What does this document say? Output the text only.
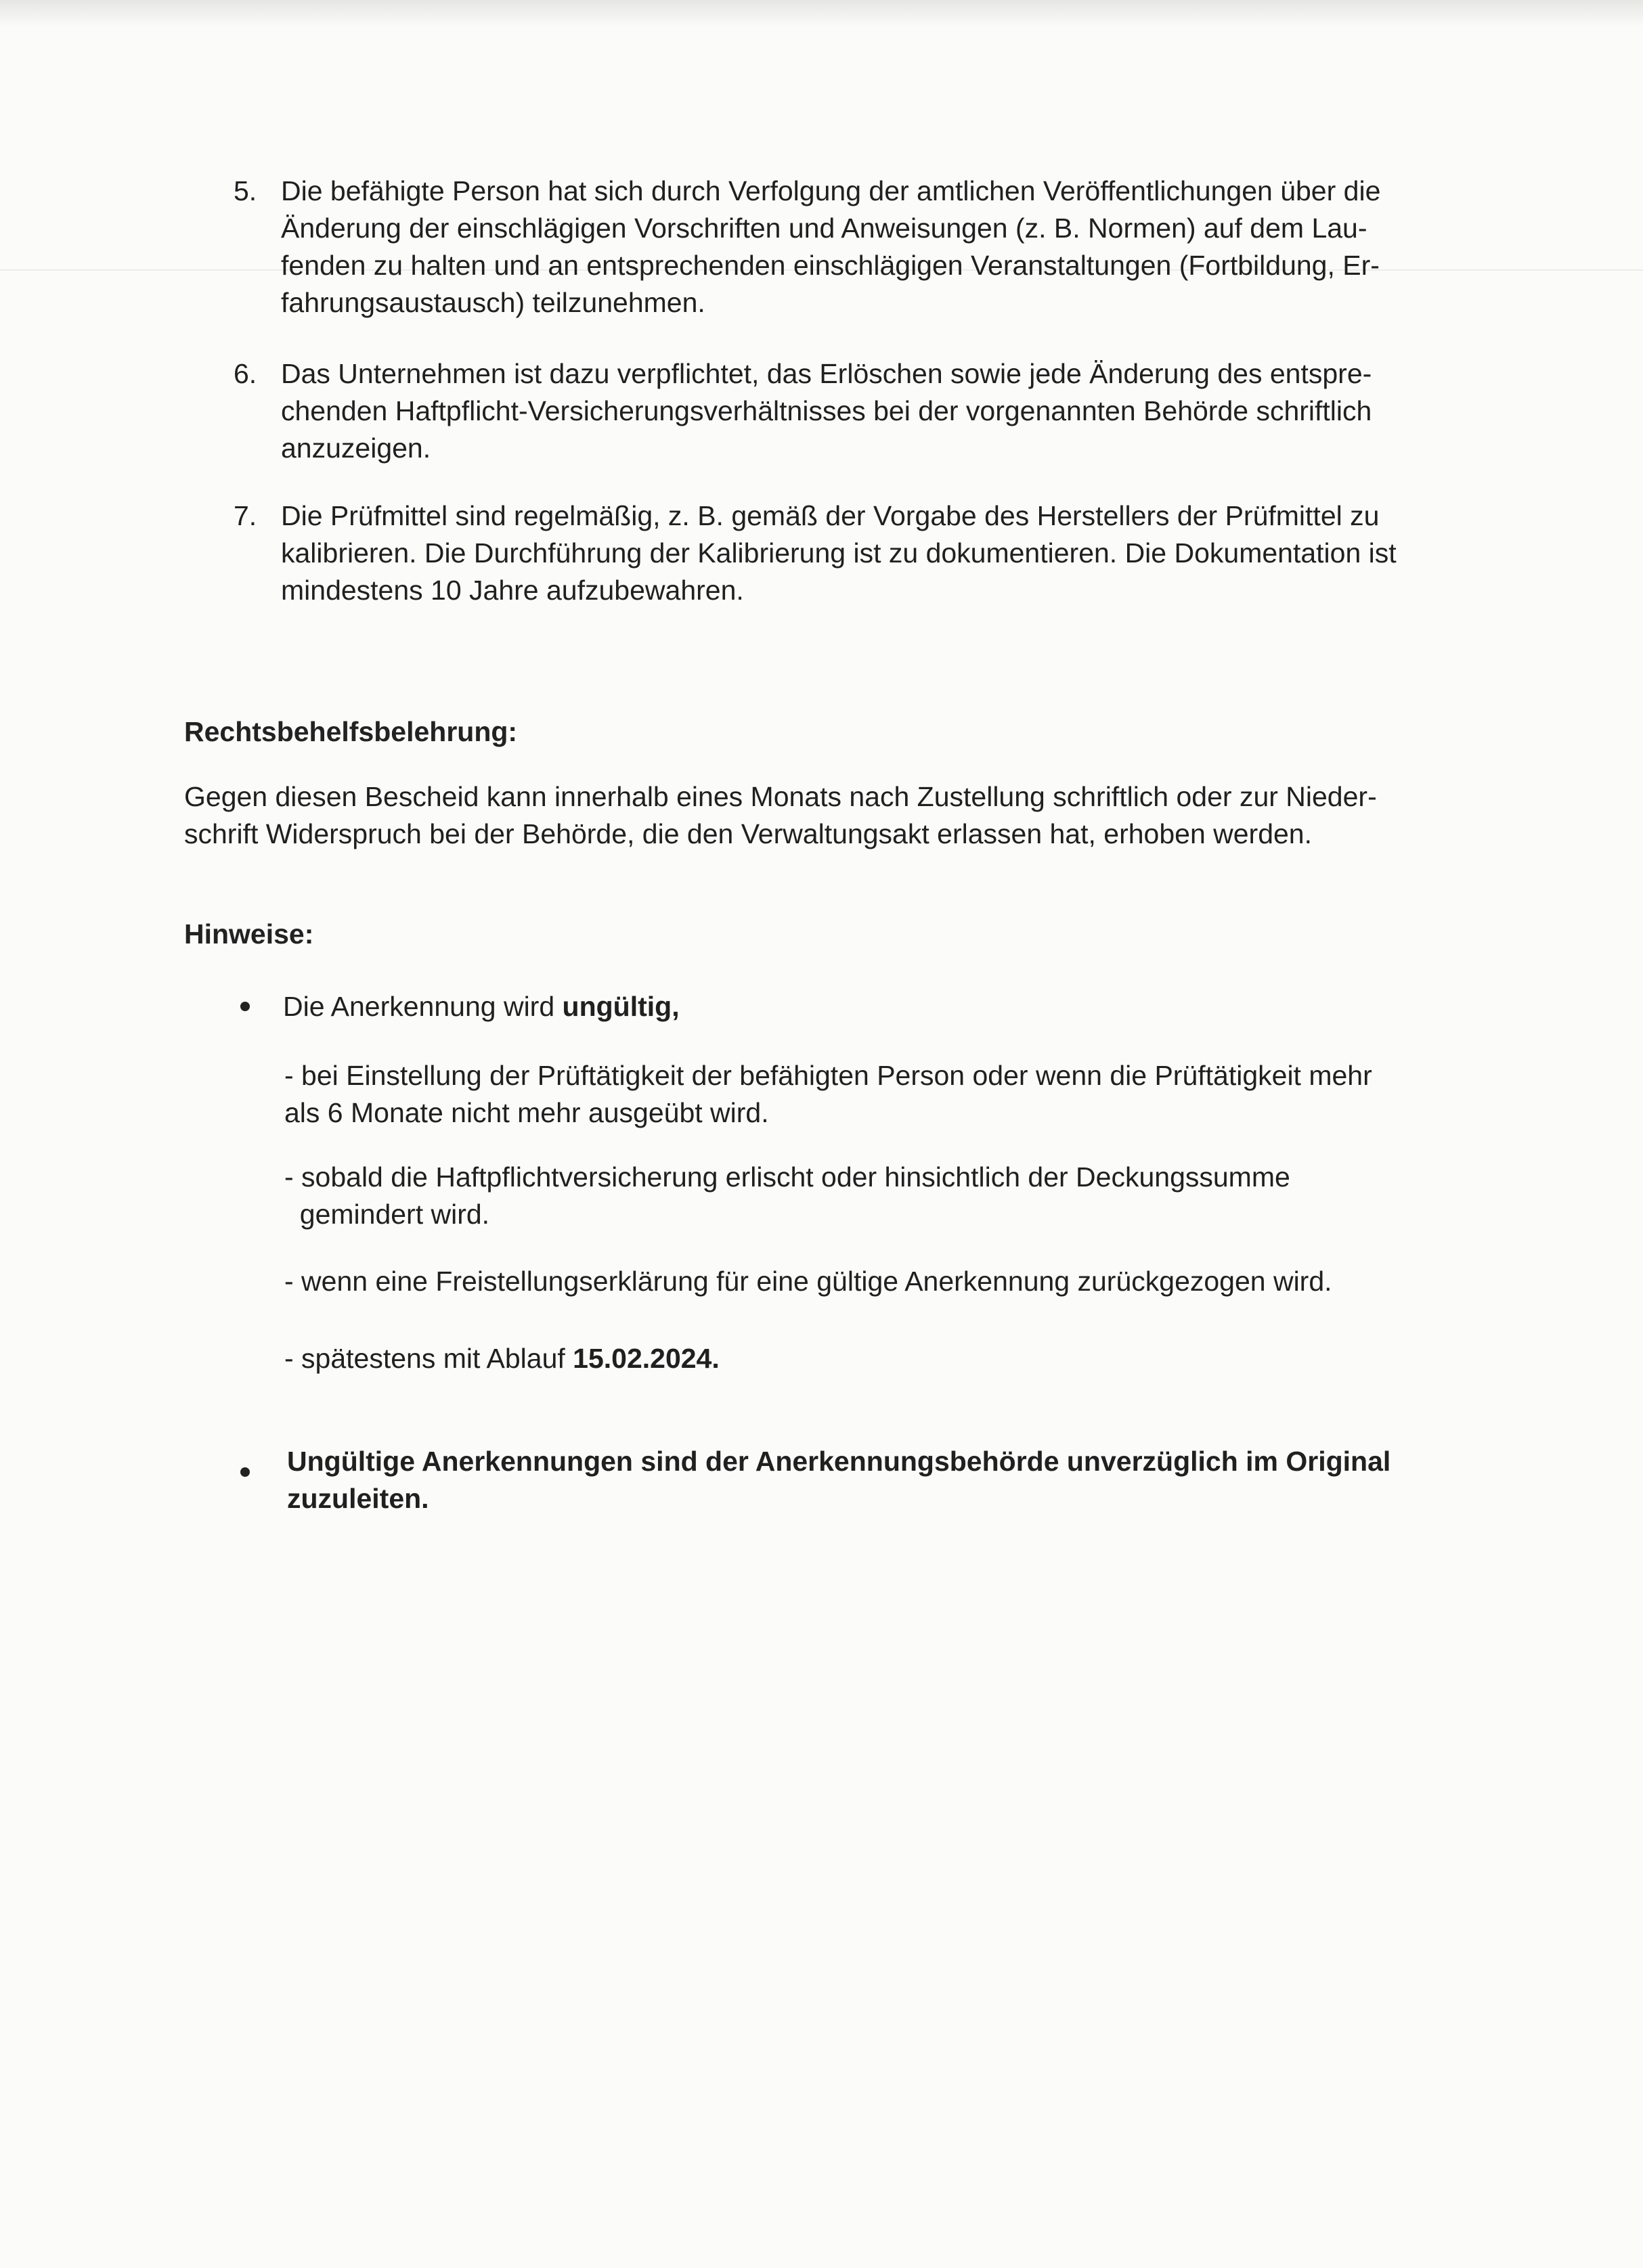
5. Die befähigte Person hat sich durch Verfolgung der amtlichen Veröffentlichungen über die
Änderung der einschlägigen Vorschriften und Anweisungen (z. B. Normen) auf dem Lau-
fenden zu halten und an entsprechenden einschlägigen Veranstaltungen (Fortbildung, Er-
fahrungsaustausch) teilzunehmen.
6. Das Unternehmen ist dazu verpflichtet, das Erlöschen sowie jede Änderung des entspre-
chenden Haftpflicht-Versicherungsverhältnisses bei der vorgenannten Behörde schriftlich
anzuzeigen.
7. Die Prüfmittel sind regelmäßig, z. B. gemäß der Vorgabe des Herstellers der Prüfmittel zu
kalibrieren. Die Durchführung der Kalibrierung ist zu dokumentieren. Die Dokumentation ist
mindestens 10 Jahre aufzubewahren.
Rechtsbehelfsbelehrung:
Gegen diesen Bescheid kann innerhalb eines Monats nach Zustellung schriftlich oder zur Nieder-
schrift Widerspruch bei der Behörde, die den Verwaltungsakt erlassen hat, erhoben werden.
Hinweise:
Die Anerkennung wird ungültig,
- bei Einstellung der Prüftätigkeit der befähigten Person oder wenn die Prüftätigkeit mehr
als 6 Monate nicht mehr ausgeübt wird.
- sobald die Haftpflichtversicherung erlischt oder hinsichtlich der Deckungssumme
gemindert wird.
- wenn eine Freistellungserklärung für eine gültige Anerkennung zurückgezogen wird.
- spätestens mit Ablauf 15.02.2024.
Ungültige Anerkennungen sind der Anerkennungsbehörde unverzüglich im Original
zuzuleiten.
